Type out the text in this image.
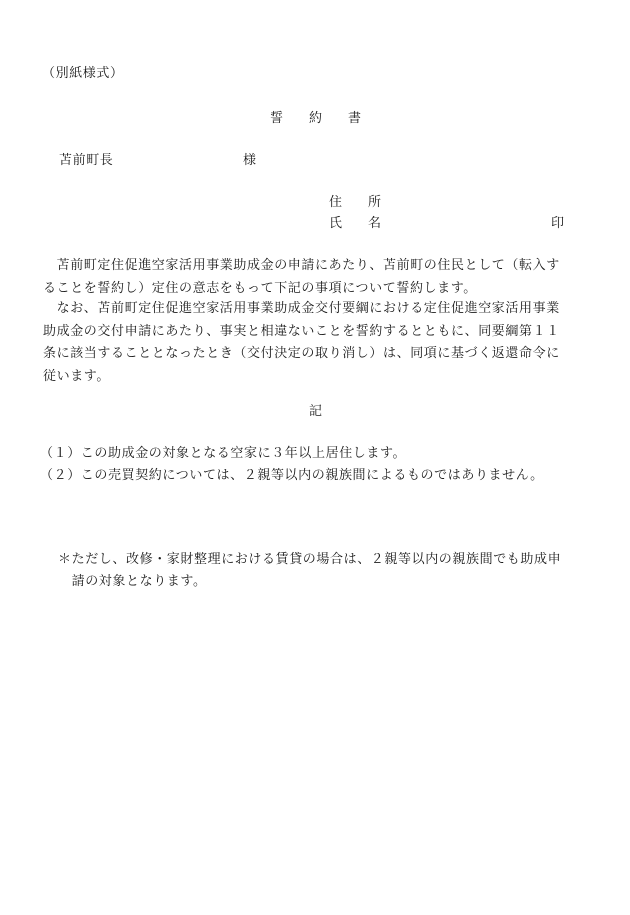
（別紙様式）
誓　　約　　書
苫前町長	様
住　　所
氏　　名	印
　苫前町定住促進空家活用事業助成金の申請にあたり、苫前町の住民として（転入す
ることを誓約し）定住の意志をもって下記の事項について誓約します。
　なお、苫前町定住促進空家活用事業助成金交付要綱における定住促進空家活用事業
助成金の交付申請にあたり、事実と相違ないことを誓約するとともに、同要綱第１１
条に該当することとなったとき（交付決定の取り消し）は、同項に基づく返還命令に
従います。
記
（１）この助成金の対象となる空家に３年以上居住します。
（２）この売買契約については、２親等以内の親族間によるものではありません。
＊ただし、改修・家財整理における賃貸の場合は、２親等以内の親族間でも助成申
　請の対象となります。
